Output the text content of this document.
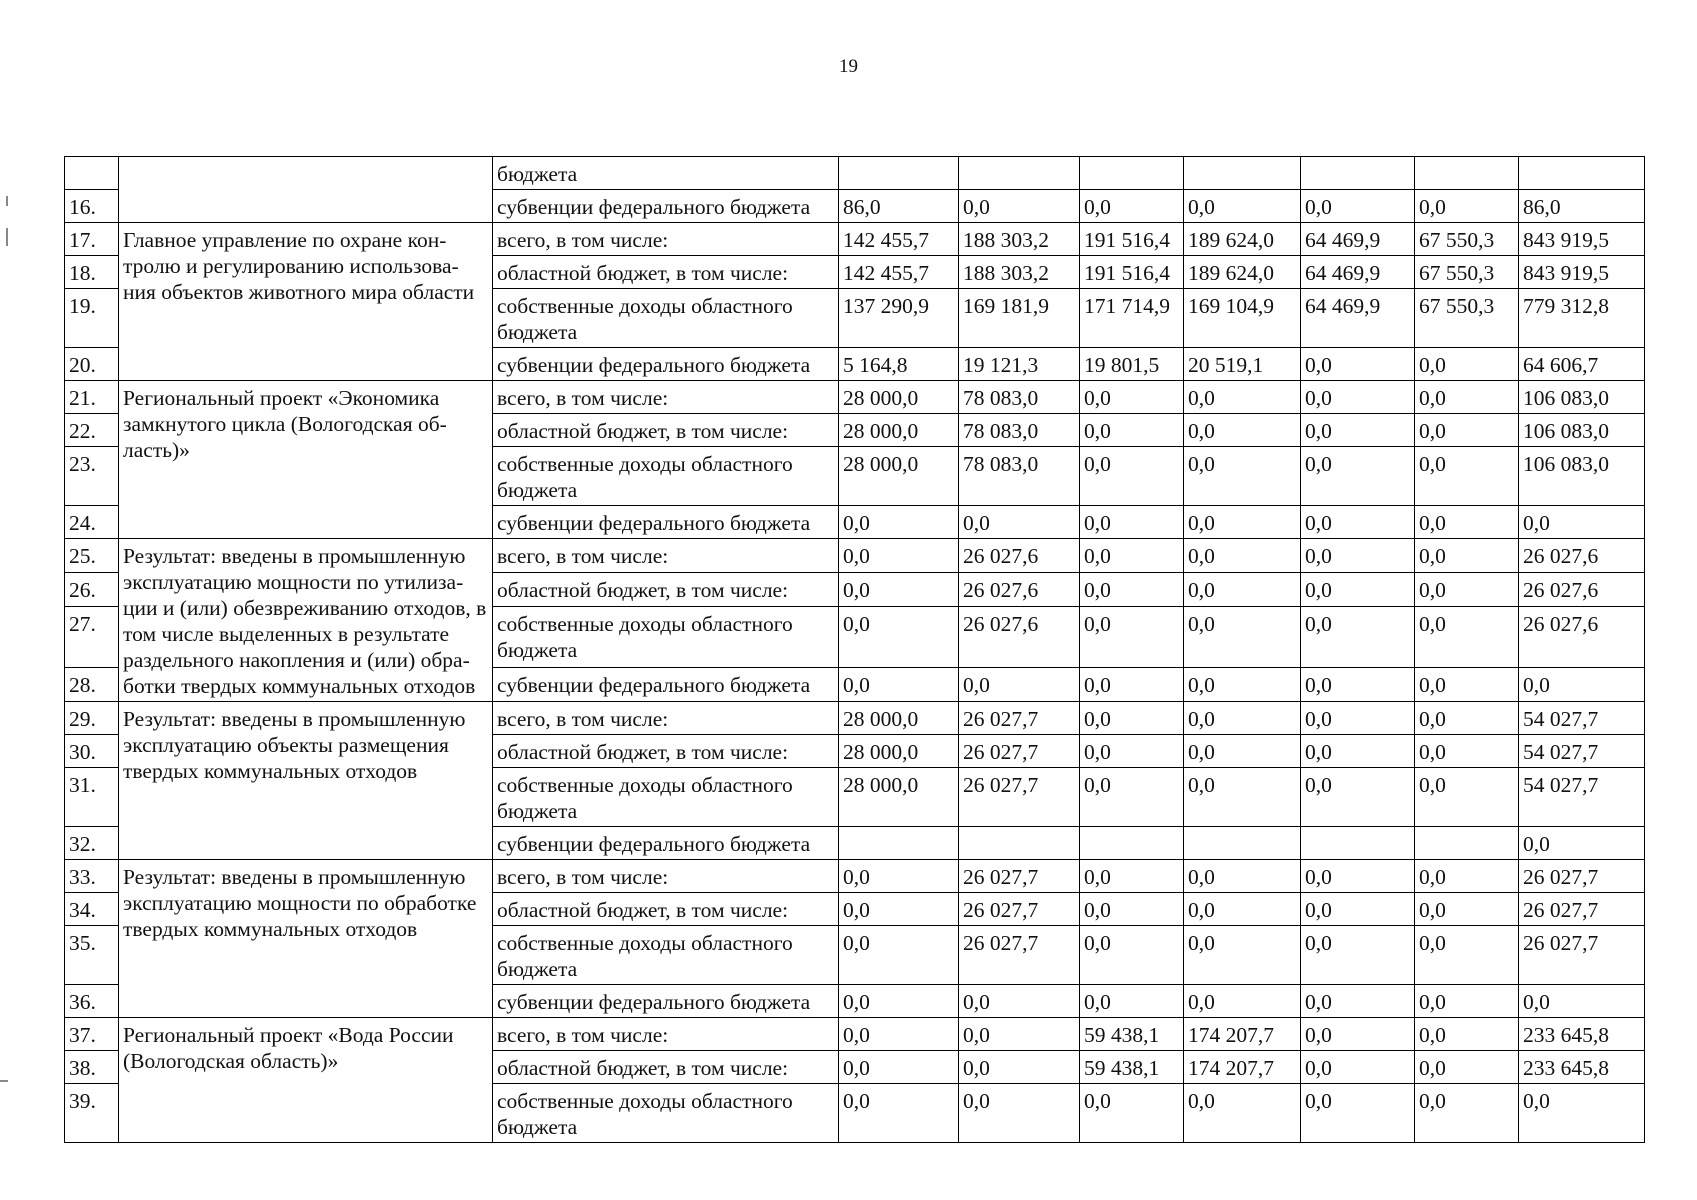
19
		бюджета							
16.		субвенции федерального бюджета	86,0	0,0	0,0	0,0	0,0	0,0	86,0
17.	Главное управление по охране кон-тролю и регулированию использова-ния объектов животного мира области	всего, в том числе:	142 455,7	188 303,2	191 516,4	189 624,0	64 469,9	67 550,3	843 919,5
18.		областной бюджет, в том числе:	142 455,7	188 303,2	191 516,4	189 624,0	64 469,9	67 550,3	843 919,5
19.		собственные доходы областного бюджета	137 290,9	169 181,9	171 714,9	169 104,9	64 469,9	67 550,3	779 312,8
20.		субвенции федерального бюджета	5 164,8	19 121,3	19 801,5	20 519,1	0,0	0,0	64 606,7
21.	Региональный проект «Экономика замкнутого цикла (Вологодская об-ласть)»	всего, в том числе:	28 000,0	78 083,0	0,0	0,0	0,0	0,0	106 083,0
22.		областной бюджет, в том числе:	28 000,0	78 083,0	0,0	0,0	0,0	0,0	106 083,0
23.		собственные доходы областного бюджета	28 000,0	78 083,0	0,0	0,0	0,0	0,0	106 083,0
24.		субвенции федерального бюджета	0,0	0,0	0,0	0,0	0,0	0,0	0,0
25.	Результат: введены в промышленную эксплуатацию мощности по утилиза-ции и (или) обезвреживанию отходов, в том числе выделенных в результате раздельного накопления и (или) обра-ботки твердых коммунальных отходов	всего, в том числе:	0,0	26 027,6	0,0	0,0	0,0	0,0	26 027,6
26.		областной бюджет, в том числе:	0,0	26 027,6	0,0	0,0	0,0	0,0	26 027,6
27.		собственные доходы областного бюджета	0,0	26 027,6	0,0	0,0	0,0	0,0	26 027,6
28.		субвенции федерального бюджета	0,0	0,0	0,0	0,0	0,0	0,0	0,0
29.	Результат: введены в промышленную эксплуатацию объекты размещения твердых коммунальных отходов	всего, в том числе:	28 000,0	26 027,7	0,0	0,0	0,0	0,0	54 027,7
30.		областной бюджет, в том числе:	28 000,0	26 027,7	0,0	0,0	0,0	0,0	54 027,7
31.		собственные доходы областного бюджета	28 000,0	26 027,7	0,0	0,0	0,0	0,0	54 027,7
32.		субвенции федерального бюджета							0,0
33.	Результат: введены в промышленную эксплуатацию мощности по обработке твердых коммунальных отходов	всего, в том числе:	0,0	26 027,7	0,0	0,0	0,0	0,0	26 027,7
34.		областной бюджет, в том числе:	0,0	26 027,7	0,0	0,0	0,0	0,0	26 027,7
35.		собственные доходы областного бюджета	0,0	26 027,7	0,0	0,0	0,0	0,0	26 027,7
36.		субвенции федерального бюджета	0,0	0,0	0,0	0,0	0,0	0,0	0,0
37.	Региональный проект «Вода России (Вологодская область)»	всего, в том числе:	0,0	0,0	59 438,1	174 207,7	0,0	0,0	233 645,8
38.		областной бюджет, в том числе:	0,0	0,0	59 438,1	174 207,7	0,0	0,0	233 645,8
39.		собственные доходы областного бюджета	0,0	0,0	0,0	0,0	0,0	0,0	0,0
